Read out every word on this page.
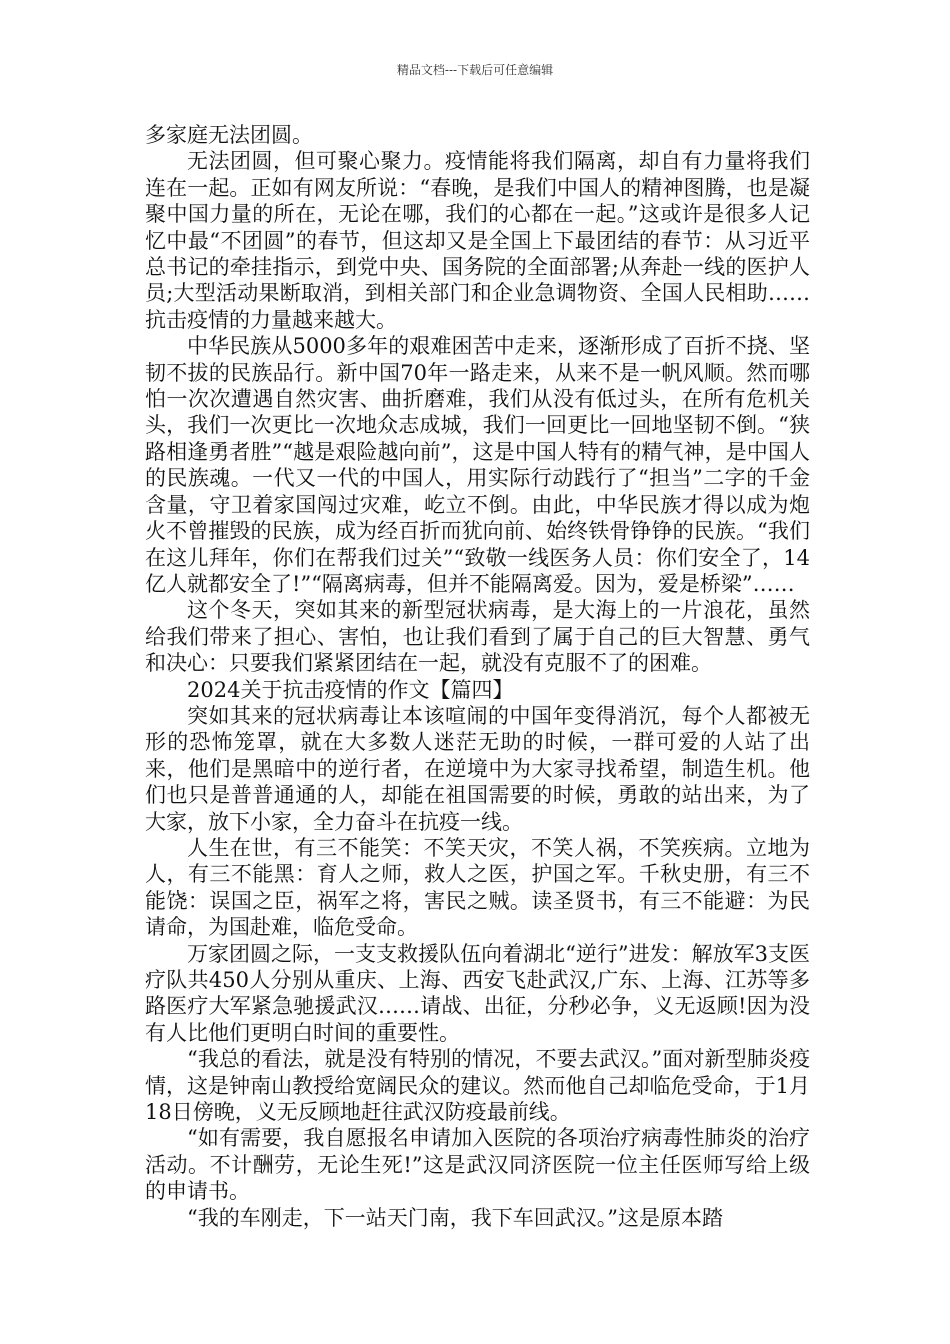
精品文档---下载后可任意编辑

多家庭无法团圆。

无法团圆，但可聚心聚力。疫情能将我们隔离，却自有力量将我们连在一起。正如有网友所说：“春晚，是我们中国人的精神图腾，也是凝聚中国力量的所在，无论在哪，我们的心都在一起。”这或许是很多人记忆中最“不团圆”的春节，但这却又是全国上下最团结的春节：从习近平总书记的牵挂指示，到党中央、国务院的全面部署;从奔赴一线的医护人员;大型活动果断取消，到相关部门和企业急调物资、全国人民相助……抗击疫情的力量越来越大。

中华民族从5000多年的艰难困苦中走来，逐渐形成了百折不挠、坚韧不拔的民族品行。新中国70年一路走来，从来不是一帆风顺。然而哪怕一次次遭遇自然灾害、曲折磨难，我们从没有低过头，在所有危机关头，我们一次更比一次地众志成城，我们一回更比一回地坚韧不倒。“狭路相逢勇者胜”“越是艰险越向前”，这是中国人特有的精气神，是中国人的民族魂。一代又一代的中国人，用实际行动践行了“担当”二字的千金含量，守卫着家国闯过灾难，屹立不倒。由此，中华民族才得以成为炮火不曾摧毁的民族，成为经百折而犹向前、始终铁骨铮铮的民族。“我们在这儿拜年，你们在帮我们过关”“致敬一线医务人员：你们安全了，14亿人就都安全了!”“隔离病毒，但并不能隔离爱。因为，爱是桥梁”……

这个冬天，突如其来的新型冠状病毒，是大海上的一片浪花，虽然给我们带来了担心、害怕，也让我们看到了属于自己的巨大智慧、勇气和决心：只要我们紧紧团结在一起，就没有克服不了的困难。

2024关于抗击疫情的作文【篇四】

突如其来的冠状病毒让本该喧闹的中国年变得消沉，每个人都被无形的恐怖笼罩，就在大多数人迷茫无助的时候，一群可爱的人站了出来，他们是黑暗中的逆行者，在逆境中为大家寻找希望，制造生机。他们也只是普普通通的人，却能在祖国需要的时候，勇敢的站出来，为了大家，放下小家，全力奋斗在抗疫一线。

人生在世，有三不能笑：不笑天灾，不笑人祸，不笑疾病。立地为人，有三不能黑：育人之师，救人之医，护国之军。千秋史册，有三不能饶：误国之臣，祸军之将，害民之贼。读圣贤书，有三不能避：为民请命，为国赴难，临危受命。

万家团圆之际，一支支救援队伍向着湖北“逆行”进发：解放军3支医疗队共450人分别从重庆、上海、西安飞赴武汉,广东、上海、江苏等多路医疗大军紧急驰援武汉……请战、出征，分秒必争，义无返顾!因为没有人比他们更明白时间的重要性。

“我总的看法，就是没有特别的情况，不要去武汉。”面对新型肺炎疫情，这是钟南山教授给宽阔民众的建议。然而他自己却临危受命，于1月18日傍晚，义无反顾地赶往武汉防疫最前线。

“如有需要，我自愿报名申请加入医院的各项治疗病毒性肺炎的治疗活动。不计酬劳，无论生死!”这是武汉同济医院一位主任医师写给上级的申请书。

“我的车刚走，下一站天门南，我下车回武汉。”这是原本踏
